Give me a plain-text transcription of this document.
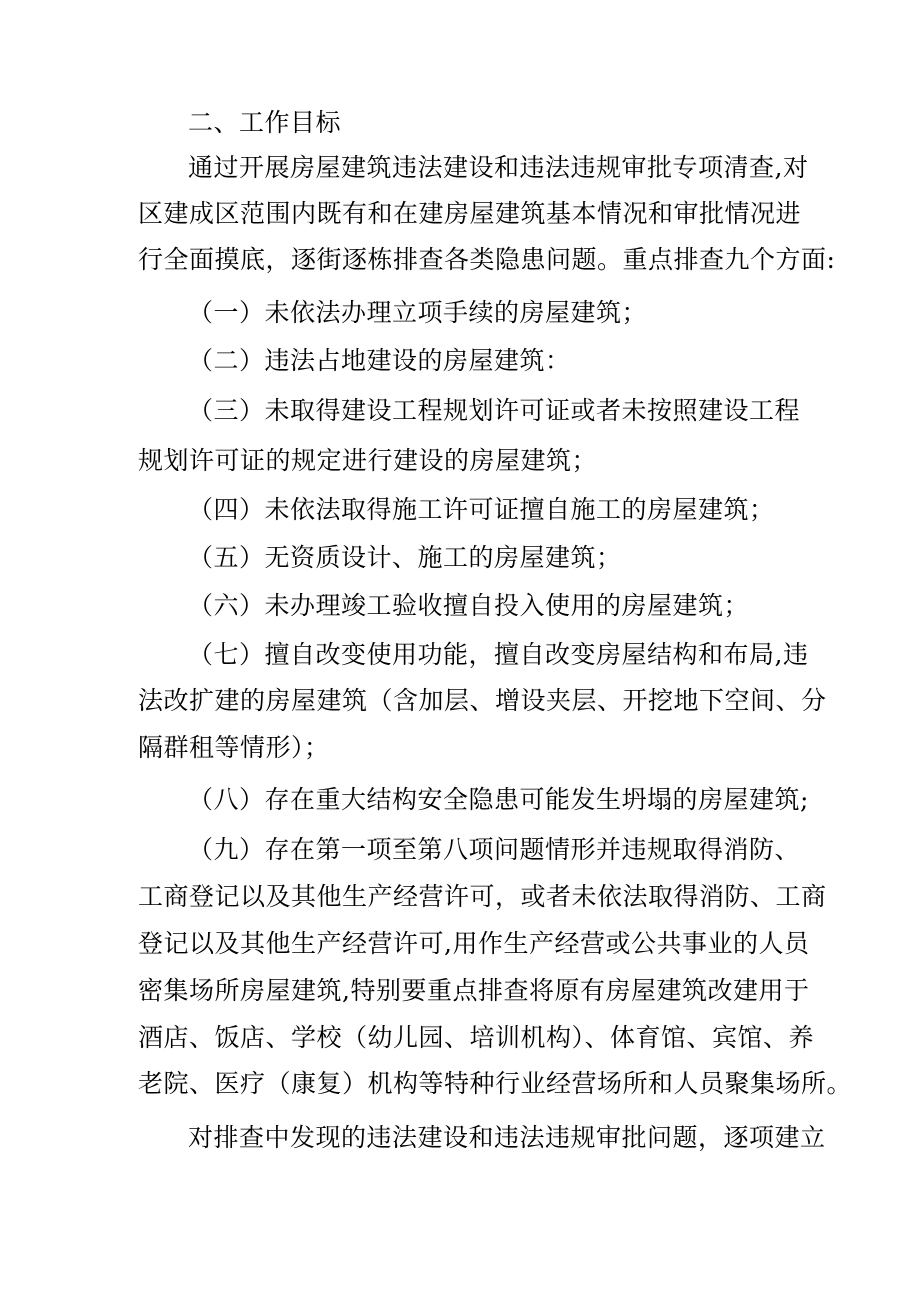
二、工作目标
通过开展房屋建筑违法建设和违法违规审批专项清查,对
区建成区范围内既有和在建房屋建筑基本情况和审批情况进
行全面摸底，逐街逐栋排查各类隐患问题。重点排查九个方面:
（一）未依法办理立项手续的房屋建筑；
（二）违法占地建设的房屋建筑：
（三）未取得建设工程规划许可证或者未按照建设工程
规划许可证的规定进行建设的房屋建筑；
（四）未依法取得施工许可证擅自施工的房屋建筑；
（五）无资质设计、施工的房屋建筑；
（六）未办理竣工验收擅自投入使用的房屋建筑；
（七）擅自改变使用功能，擅自改变房屋结构和布局,违
法改扩建的房屋建筑（含加层、增设夹层、开挖地下空间、分
隔群租等情形）；
（八）存在重大结构安全隐患可能发生坍塌的房屋建筑;
（九）存在第一项至第八项问题情形并违规取得消防、
工商登记以及其他生产经营许可，或者未依法取得消防、工商
登记以及其他生产经营许可,用作生产经营或公共事业的人员
密集场所房屋建筑,特别要重点排查将原有房屋建筑改建用于
酒店、饭店、学校（幼儿园、培训机构）、体育馆、宾馆、养
老院、医疗（康复）机构等特种行业经营场所和人员聚集场所。
对排查中发现的违法建设和违法违规审批问题，逐项建立
